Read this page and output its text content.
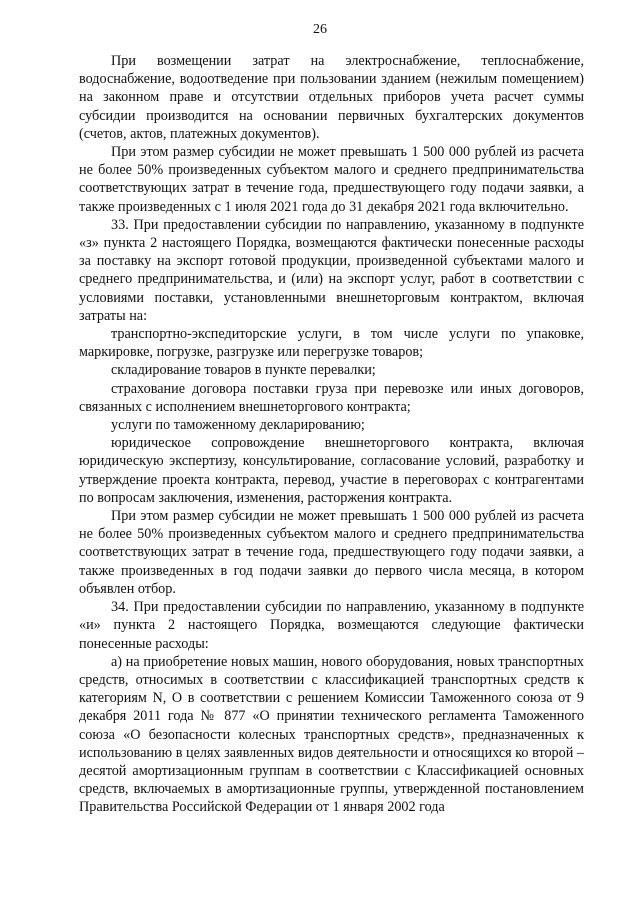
26

При возмещении затрат на электроснабжение, теплоснабжение, водоснабжение, водоотведение при пользовании зданием (нежилым помещением) на законном праве и отсутствии отдельных приборов учета расчет суммы субсидии производится на основании первичных бухгалтерских документов (счетов, актов, платежных документов).

При этом размер субсидии не может превышать 1 500 000 рублей из расчета не более 50% произведенных субъектом малого и среднего предпринимательства соответствующих затрат в течение года, предшествующего году подачи заявки, а также произведенных с 1 июля 2021 года до 31 декабря 2021 года включительно.

33. При предоставлении субсидии по направлению, указанному в подпункте «з» пункта 2 настоящего Порядка, возмещаются фактически понесенные расходы за поставку на экспорт готовой продукции, произведенной субъектами малого и среднего предпринимательства, и (или) на экспорт услуг, работ в соответствии с условиями поставки, установленными внешнеторговым контрактом, включая затраты на:

транспортно-экспедиторские услуги, в том числе услуги по упаковке, маркировке, погрузке, разгрузке или перегрузке товаров;

складирование товаров в пункте перевалки;

страхование договора поставки груза при перевозке или иных договоров, связанных с исполнением внешнеторгового контракта;

услуги по таможенному декларированию;

юридическое сопровождение внешнеторгового контракта, включая юридическую экспертизу, консультирование, согласование условий, разработку и утверждение проекта контракта, перевод, участие в переговорах с контрагентами по вопросам заключения, изменения, расторжения контракта.

При этом размер субсидии не может превышать 1 500 000 рублей из расчета не более 50% произведенных субъектом малого и среднего предпринимательства соответствующих затрат в течение года, предшествующего году подачи заявки, а также произведенных в год подачи заявки до первого числа месяца, в котором объявлен отбор.

34. При предоставлении субсидии по направлению, указанному в подпункте «и» пункта 2 настоящего Порядка, возмещаются следующие фактически понесенные расходы:

а) на приобретение новых машин, нового оборудования, новых транспортных средств, относимых в соответствии с классификацией транспортных средств к категориям N, O в соответствии с решением Комиссии Таможенного союза от 9 декабря 2011 года № 877 «О принятии технического регламента Таможенного союза «О безопасности колесных транспортных средств», предназначенных к использованию в целях заявленных видов деятельности и относящихся ко второй – десятой амортизационным группам в соответствии с Классификацией основных средств, включаемых в амортизационные группы, утвержденной постановлением Правительства Российской Федерации от 1 января 2002 года
